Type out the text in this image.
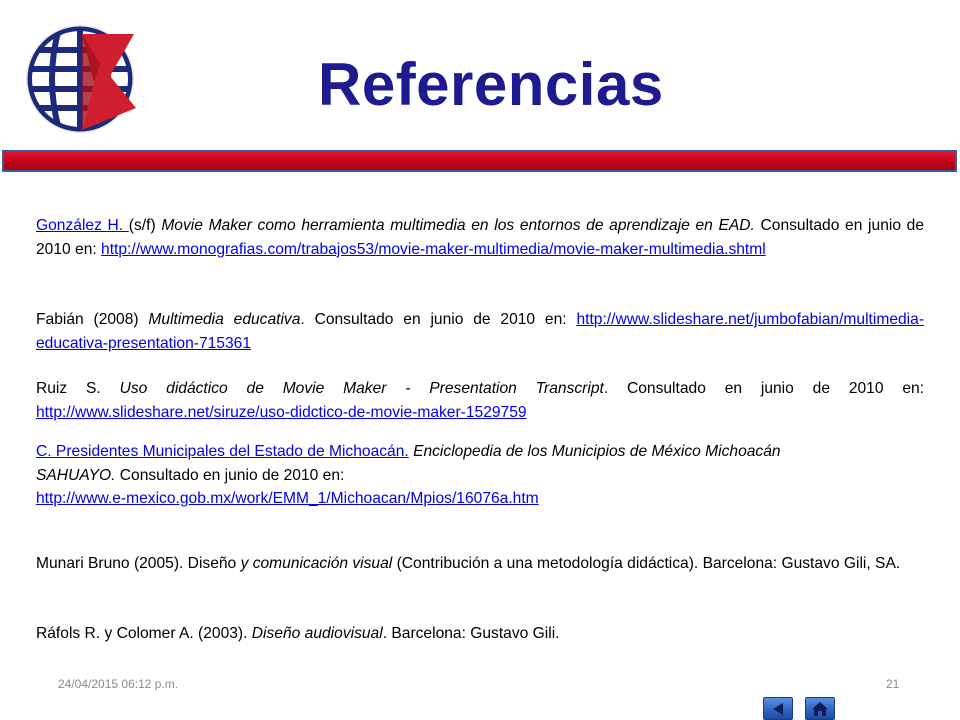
Referencias

González H. (s/f) Movie Maker como herramienta multimedia en los entornos de aprendizaje en EAD. Consultado en junio de 2010 en: http://www.monografias.com/trabajos53/movie-maker-multimedia/movie-maker-multimedia.shtml

Fabián (2008) Multimedia educativa. Consultado en junio de 2010 en: http://www.slideshare.net/jumbofabian/multimedia-educativa-presentation-715361

Ruiz S. Uso didáctico de Movie Maker - Presentation Transcript. Consultado en junio de 2010 en: http://www.slideshare.net/siruze/uso-didctico-de-movie-maker-1529759

C. Presidentes Municipales del Estado de Michoacán. Enciclopedia de los Municipios de México Michoacán SAHUAYO. Consultado en junio de 2010 en:
http://www.e-mexico.gob.mx/work/EMM_1/Michoacan/Mpios/16076a.htm

Munari Bruno (2005). Diseño y comunicación visual (Contribución a una metodología didáctica). Barcelona: Gustavo Gili, SA.

Ráfols R. y Colomer A. (2003). Diseño audiovisual. Barcelona: Gustavo Gili.

24/04/2015 06:12 p.m.	21
